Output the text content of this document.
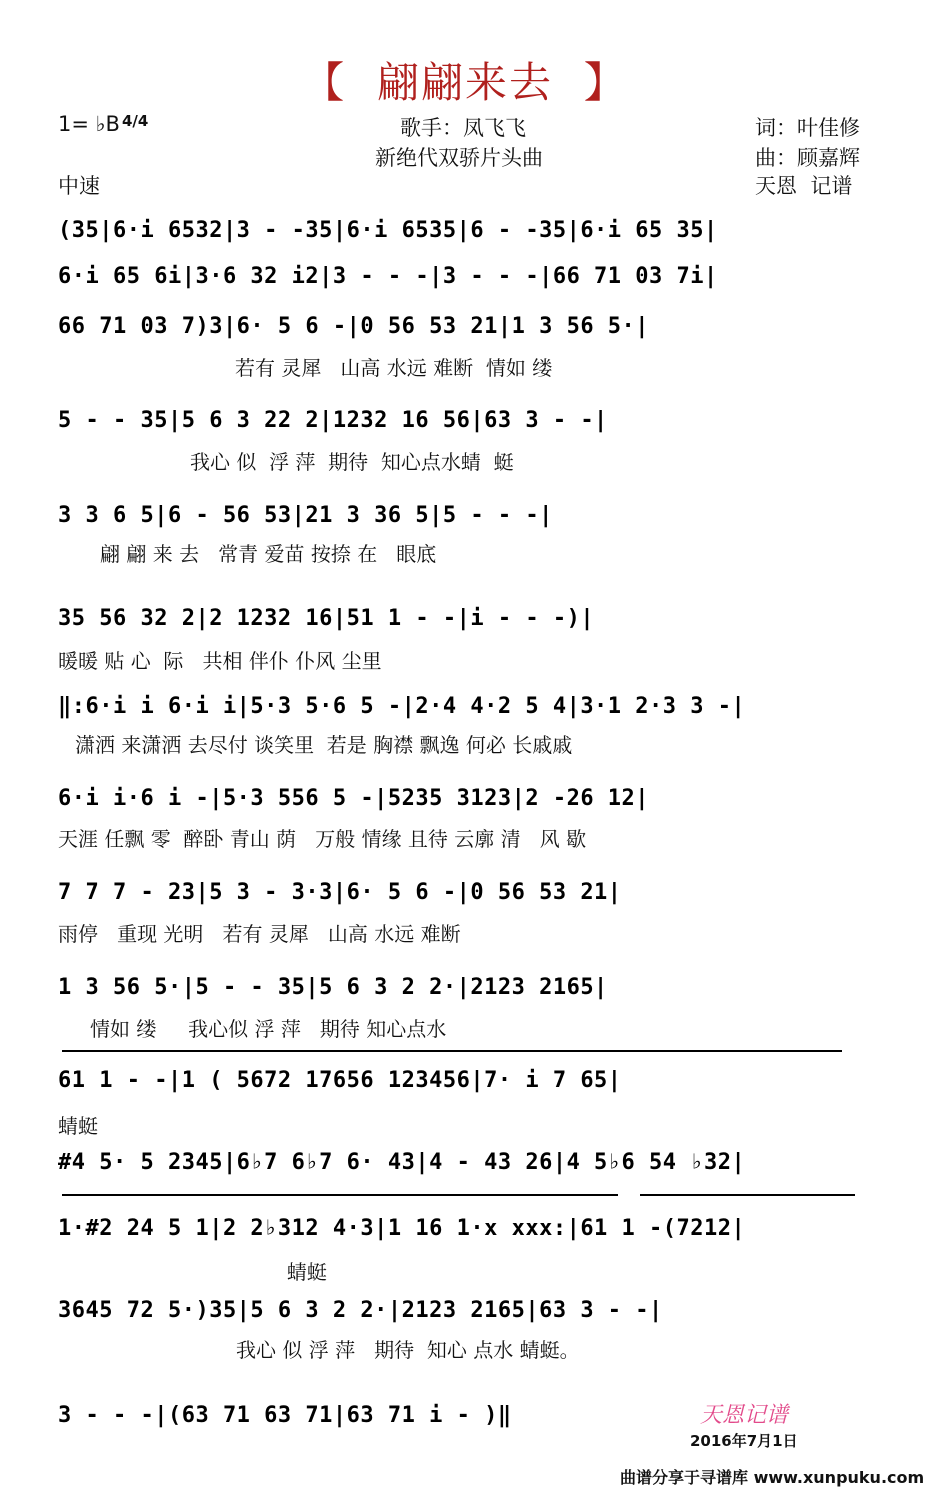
【  翩翩来去  】
1= ♭B 4/4	歌手：凤飞飞	词：叶佳修
新绝代双骄片头曲	曲：顾嘉辉
中速	天恩  记谱
(35|6·i 6532|3 - -35|6·i 6535|6 - -35|6·i 65 35|
6·i 65 6i|3·6 32 i2|3 - - -|3 - - -|66 71 03 7i|
66 71 03 7)3|6· 5 6 -|0 56 53 21|1 3 56 5·|
若有 灵犀   山高 水远 难断  情如 缕
5 - - 35|5 6 3 22 2|1232 16 56|63 3 - -|
我心 似  浮 萍  期待  知心点水蜻  蜓
3 3 6 5|6 - 56 53|21 3 36 5|5 - - -|
翩 翩 来 去   常青 爱苗 按捺 在   眼底
35 56 32 2|2 1232 16|51 1 - -|i - - -)|
暖暖 贴 心  际   共相 伴仆 仆风 尘里
‖:6·i i 6·i i|5·3 5·6 5 -|2·4 4·2 5 4|3·1 2·3 3 -|
潇洒 来潇洒 去尽付 谈笑里  若是 胸襟 飘逸 何必 长戚戚
6·i i·6 i -|5·3 556 5 -|5235 3123|2 -26 12|
天涯 任飘 零  醉卧 青山 荫   万般 情缘 且待 云廓 清   风 歇
7 7 7 - 23|5 3 - 3·3|6· 5 6 -|0 56 53 21|
雨停   重现 光明   若有 灵犀   山高 水远 难断
1 3 56 5·|5 - - 35|5 6 3 2 2·|2123 2165|
情如 缕     我心似 浮 萍   期待 知心点水
61 1 - -|1 ( 5672 17656 123456|7· i 7 65|
蜻蜓
#4 5· 5 2345|6♭7 6♭7 6· 43|4 - 43 26|4 5♭6 54 ♭32|
1·#2 24 5 1|2 2♭312 4·3|1 16 1·x xxx:|61 1 -(7212|
蜻蜓
3645 72 5·)35|5 6 3 2 2·|2123 2165|63 3 - -|
我心 似 浮 萍   期待  知心 点水 蜻蜓。
3 - - -|(63 71 63 71|63 71 i - )‖	天恩记谱
2016年7月1日
曲谱分享于寻谱库 www.xunpuku.com
